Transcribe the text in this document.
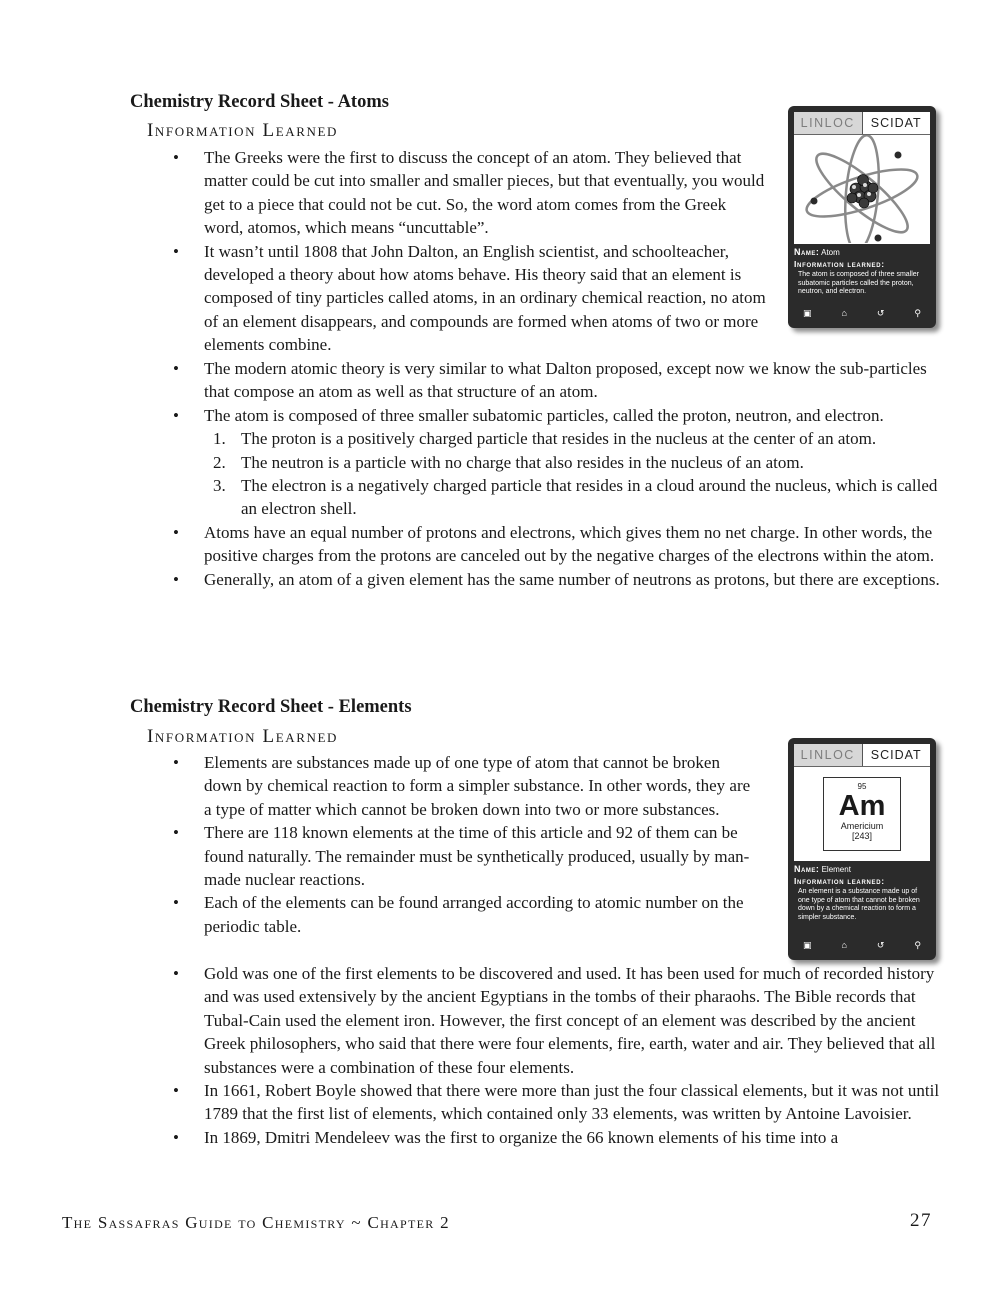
Chemistry Record Sheet - Atoms
Information Learned
• The Greeks were the first to discuss the concept of an atom. They believed that matter could be cut into smaller and smaller pieces, but that eventually, you would get to a piece that could not be cut. So, the word atom comes from the Greek word, atomos, which means “uncuttable”.
• It wasn’t until 1808 that John Dalton, an English scientist, and schoolteacher, developed a theory about how atoms behave. His theory said that an element is composed of tiny particles called atoms, in an ordinary chemical reaction, no atom of an element disappears, and compounds are formed when atoms of two or more elements combine.
• The modern atomic theory is very similar to what Dalton proposed, except now we know the sub-particles that compose an atom as well as that structure of an atom.
• The atom is composed of three smaller subatomic particles, called the proton, neutron, and electron.
1. The proton is a positively charged particle that resides in the nucleus at the center of an atom.
2. The neutron is a particle with no charge that also resides in the nucleus of an atom.
3. The electron is a negatively charged particle that resides in a cloud around the nucleus, which is called an electron shell.
• Atoms have an equal number of protons and electrons, which gives them no net charge. In other words, the positive charges from the protons are canceled out by the negative charges of the electrons within the atom.
• Generally, an atom of a given element has the same number of neutrons as protons, but there are exceptions.
LINLOC	SCIDAT
Name: Atom
Information learned:
The atom is composed of three smaller subatomic particles called the proton, neutron, and electron.
▣	⌂	↺	⚲
Chemistry Record Sheet - Elements
Information Learned
• Elements are substances made up of one type of atom that cannot be broken down by chemical reaction to form a simpler substance. In other words, they are a type of matter which cannot be broken down into two or more substances.
• There are 118 known elements at the time of this article and 92 of them can be found naturally. The remainder must be synthetically produced, usually by man-made nuclear reactions.
• Each of the elements can be found arranged according to atomic number on the periodic table.
• Gold was one of the first elements to be discovered and used. It has been used for much of recorded history and was used extensively by the ancient Egyptians in the tombs of their pharaohs. The Bible records that Tubal-Cain used the element iron. However, the first concept of an element was described by the ancient Greek philosophers, who said that there were four elements, fire, earth, water and air. They believed that all substances were a combination of these four elements.
• In 1661, Robert Boyle showed that there were more than just the four classical elements, but it was not until 1789 that the first list of elements, which contained only 33 elements, was written by Antoine Lavoisier.
• In 1869, Dmitri Mendeleev was the first to organize the 66 known elements of his time into a
LINLOC	SCIDAT
95
Am
Americium
[243]
Name: Element
Information learned:
An element is a substance made up of one type of atom that cannot be broken down by a chemical reaction to form a simpler substance.
▣	⌂	↺	⚲
The Sassafras Guide to Chemistry ~ Chapter 2	27
